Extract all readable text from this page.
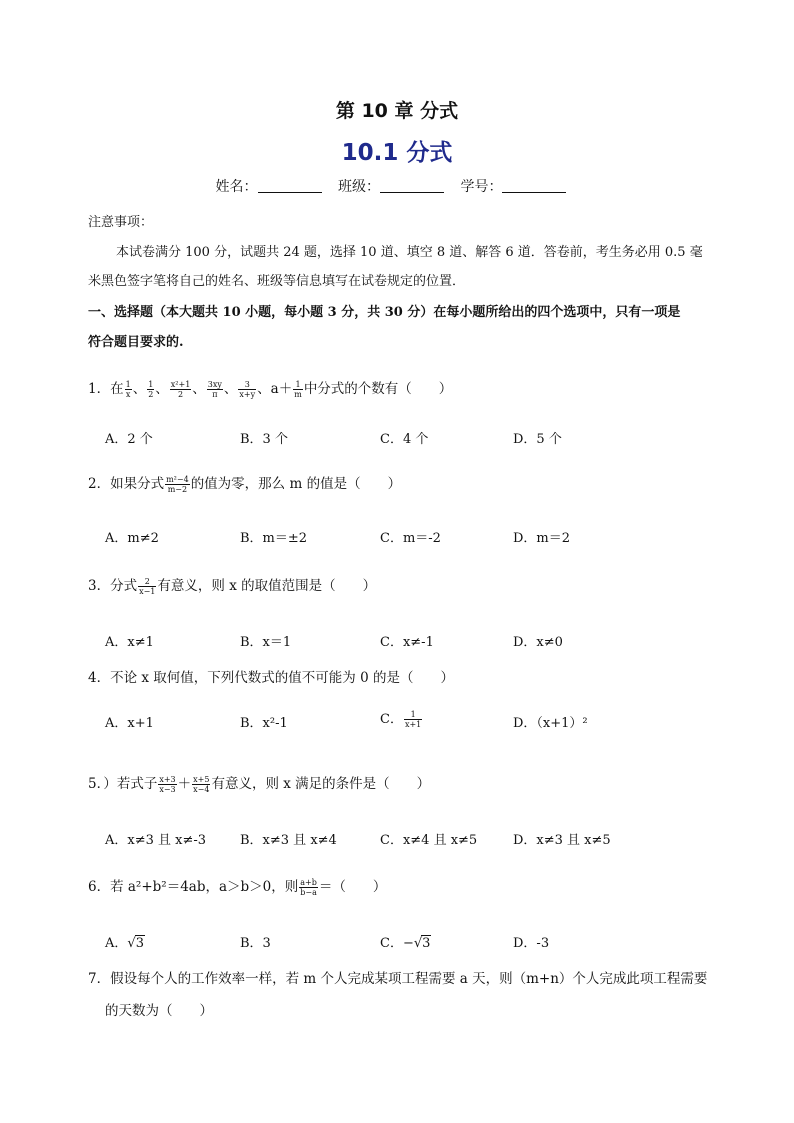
第 10 章 分式
10.1 分式
姓名：	班级：	学号：
注意事项：
本试卷满分 100 分，试题共 24 题，选择 10 道、填空 8 道、解答 6 道．答卷前，考生务必用 0.5 毫
米黑色签字笔将自己的姓名、班级等信息填写在试卷规定的位置．
一、选择题（本大题共 10 小题，每小题 3 分，共 30 分）在每小题所给出的四个选项中，只有一项是
符合题目要求的.
1．在 $\frac{1}{x}$ 、 $\frac{1}{2}$ 、 $\frac{\text{x²+1}}{2}$ 、 $\frac{3xy}{\pi}$ 、 $\frac{3}{x+y}$ 、$a+ \frac{1}{m}$ 中分式的个数有（　　）
A．2 个	B．3 个	C．4 个	D．5 个
2．如果分式 $\frac{\text{m²−4}}{m-2}$ 的值为零，那么 m 的值是（　　）
A．m≠2	B．m＝±2	C．m＝-2	D．m＝2
3．分式 $\frac{2}{x-1}$ 有意义，则 x 的取值范围是（　　）
A．x≠1	B．x＝1	C．x≠-1	D．x≠0
4．不论 x 取何值，下列代数式的值不可能为 0 的是（　　）
A．x+1	B．x²-1	C． $\frac{1}{x+1}$	D．（x+1）²
5．）若式子 $\frac{x+3}{x-3} + \frac{x+5}{x-4}$ 有意义，则 x 满足的条件是（　　）
A．x≠3 且 x≠-3	B．x≠3 且 x≠4	C．x≠4 且 x≠5	D．x≠3 且 x≠5
6．若 a²+b²＝4ab，a＞b＞0，则 $\frac{a+b}{b-a}$ ＝（　　）
A．√3	B．3	C．−√3	D．-3
7．假设每个人的工作效率一样，若 m 个人完成某项工程需要 a 天，则（m+n）个人完成此项工程需要
的天数为（　　）
